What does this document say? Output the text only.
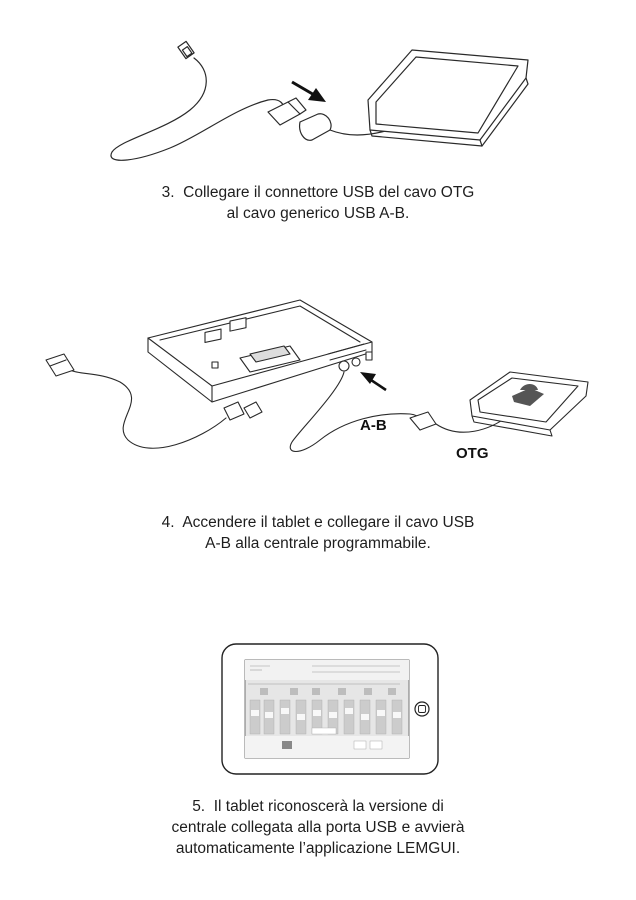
3. Collegare il connettore USB del cavo OTG
al cavo generico USB A-B.
A-B
OTG
4. Accendere il tablet e collegare il cavo USB
A-B alla centrale programmabile.
5. Il tablet riconoscerà la versione di
centrale collegata alla porta USB e avvierà
automaticamente l’applicazione LEMGUI.
